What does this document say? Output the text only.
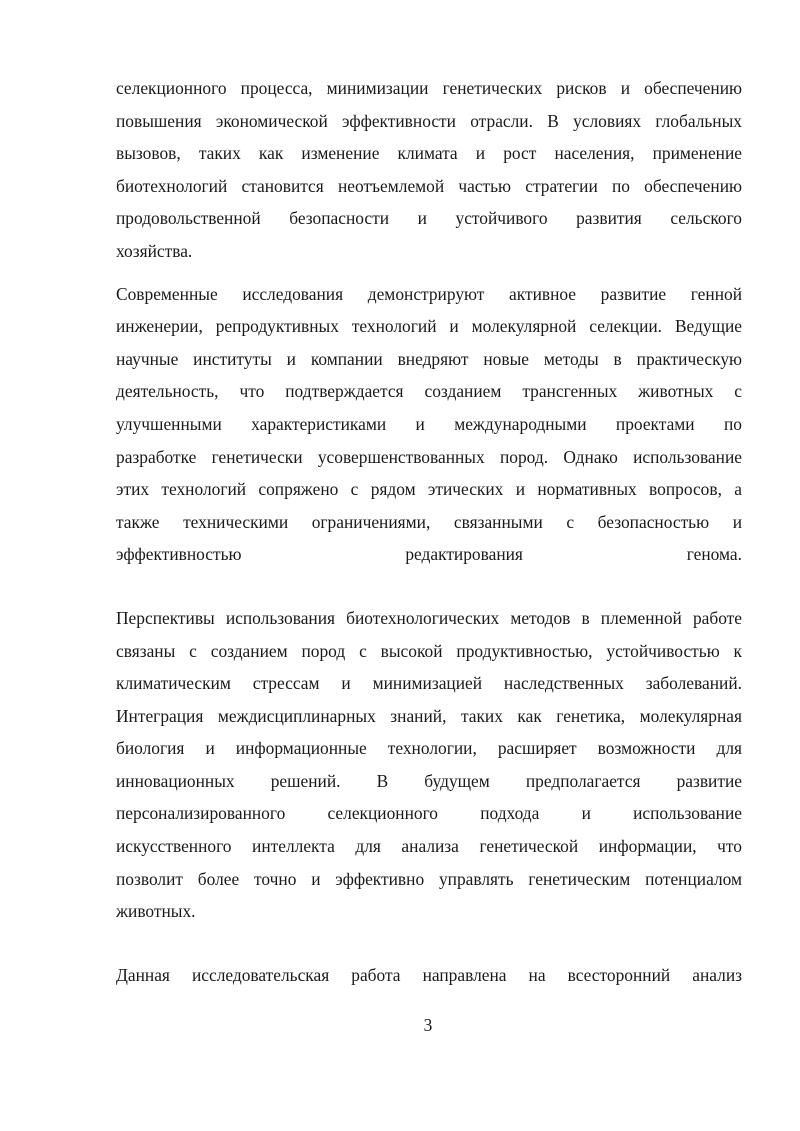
селекционного процесса, минимизации генетических рисков и обеспечению
повышения экономической эффективности отрасли. В условиях глобальных
вызовов, таких как изменение климата и рост населения, применение
биотехнологий становится неотъемлемой частью стратегии по обеспечению
продовольственной безопасности и устойчивого развития сельского
хозяйства.
Современные исследования демонстрируют активное развитие генной
инженерии, репродуктивных технологий и молекулярной селекции. Ведущие
научные институты и компании внедряют новые методы в практическую
деятельность, что подтверждается созданием трансгенных животных с
улучшенными характеристиками и международными проектами по
разработке генетически усовершенствованных пород. Однако использование
этих технологий сопряжено с рядом этических и нормативных вопросов, а
также техническими ограничениями, связанными с безопасностью и
эффективностью редактирования генома.
Перспективы использования биотехнологических методов в племенной работе
связаны с созданием пород с высокой продуктивностью, устойчивостью к
климатическим стрессам и минимизацией наследственных заболеваний.
Интеграция междисциплинарных знаний, таких как генетика, молекулярная
биология и информационные технологии, расширяет возможности для
инновационных решений. В будущем предполагается развитие
персонализированного селекционного подхода и использование
искусственного интеллекта для анализа генетической информации, что
позволит более точно и эффективно управлять генетическим потенциалом
животных.
Данная исследовательская работа направлена на всесторонний анализ
3
